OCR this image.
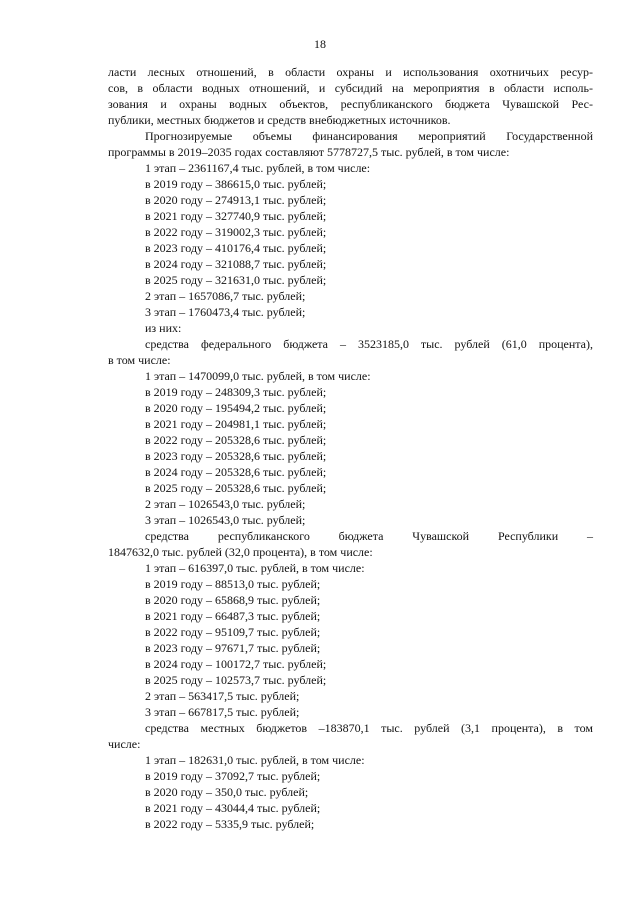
18

ласти лесных отношений, в области охраны и использования охотничьих ресур-

сов, в области водных отношений, и субсидий на мероприятия в области исполь-

зования и охраны водных объектов, республиканского бюджета Чувашской Рес-

публики, местных бюджетов и средств внебюджетных источников.

Прогнозируемые объемы финансирования мероприятий Государственной

программы в 2019–2035 годах составляют 5778727,5 тыс. рублей, в том числе:

1 этап – 2361167,4 тыс. рублей, в том числе:

в 2019 году – 386615,0 тыс. рублей;

в 2020 году – 274913,1 тыс. рублей;

в 2021 году – 327740,9 тыс. рублей;

в 2022 году – 319002,3 тыс. рублей;

в 2023 году – 410176,4 тыс. рублей;

в 2024 году – 321088,7 тыс. рублей;

в 2025 году – 321631,0 тыс. рублей;

2 этап – 1657086,7 тыс. рублей;

3 этап – 1760473,4 тыс. рублей;

из них:

средства федерального бюджета – 3523185,0 тыс. рублей (61,0 процента),

в том числе:

1 этап – 1470099,0 тыс. рублей, в том числе:

в 2019 году – 248309,3 тыс. рублей;

в 2020 году – 195494,2 тыс. рублей;

в 2021 году – 204981,1 тыс. рублей;

в 2022 году – 205328,6 тыс. рублей;

в 2023 году – 205328,6 тыс. рублей;

в 2024 году – 205328,6 тыс. рублей;

в 2025 году – 205328,6 тыс. рублей;

2 этап – 1026543,0 тыс. рублей;

3 этап – 1026543,0 тыс. рублей;

средства республиканского бюджета Чувашской Республики –

1847632,0 тыс. рублей (32,0 процента), в том числе:

1 этап – 616397,0 тыс. рублей, в том числе:

в 2019 году – 88513,0 тыс. рублей;

в 2020 году – 65868,9 тыс. рублей;

в 2021 году – 66487,3 тыс. рублей;

в 2022 году – 95109,7 тыс. рублей;

в 2023 году – 97671,7 тыс. рублей;

в 2024 году – 100172,7 тыс. рублей;

в 2025 году – 102573,7 тыс. рублей;

2 этап – 563417,5 тыс. рублей;

3 этап – 667817,5 тыс. рублей;

средства местных бюджетов –183870,1 тыс. рублей (3,1 процента), в том

числе:

1 этап – 182631,0 тыс. рублей, в том числе:

в 2019 году – 37092,7 тыс. рублей;

в 2020 году – 350,0 тыс. рублей;

в 2021 году – 43044,4 тыс. рублей;

в 2022 году – 5335,9 тыс. рублей;
